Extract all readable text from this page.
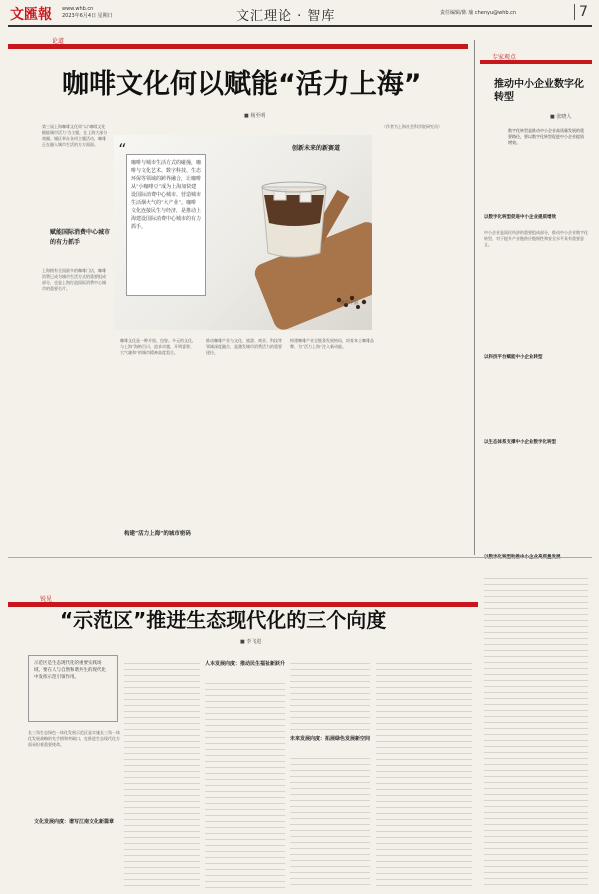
文匯報 www.whb.cn
2023年6月4日 星期日	文汇理论 · 智库	责任编辑/陈 瑜 chenyu@whb.cn	7
论道
咖啡文化何以赋能“活力上海”
■ 杨至明
第三届上海咖啡文化周“以‘咖啡文化赋能城市活力’为主题，在上海大部分商圈、城区举办各项主题活动，咖啡正在融入城市生活的方方面面。
赋能国际消费中心城市的有力抓手
上海拥有全国最多的咖啡门店，咖啡消费已成为城市生活方式的重要组成部分，也是上海打造国际消费中心城市的重要名片。
“
咖啡与城市生活方式的碰撞，咖啡与文化艺术、数字科技、生态环保等领域的跨界融合，让咖啡从“小咖啡豆”成为上海加快建设国际消费中心城市、营造城市生活烟火气的“大产业”。咖啡文化连接民生与经济，是推动上海建设国际消费中心城市的有力抓手。
创新未来的新赛道
视觉中国
咖啡文化是一种开放、包容、多元的文化，与上海“海纳百川、追求卓越、开明睿智、大气谦和”的城市精神高度契合。
构建“活力上海”的城市密码
推动咖啡产业与文化、旅游、商业、科技等领域深度融合，是激发城市消费活力的重要途径。
构建咖啡产业全链条发展格局，培育本土咖啡品牌，为“活力上海”注入新动能。
（作者为上海社会科学院研究员）
专家观点
推动中小企业数字化转型
■ 张晓人
数字化转型是推动中小企业高质量发展的重要路径，要以数字化转型促进中小企业提质增效。
以数字化转型促进中小企业提质增效
中小企业是国民经济的重要组成部分，推动中小企业数字化转型，对于提升产业链供应链韧性和安全水平具有重要意义。
以科技平台赋能中小企业转型
以生态体系支撑中小企业数字化转型
锐见
“示范区”推进生态现代化的三个向度
■ 李飞进
示范区是生态现代化的重要实践场域，要在人与自然和谐共生的现代化中发挥示范引领作用。
长三角生态绿色一体化发展示范区是实施长三角一体化发展战略的先手棋和突破口，在推进生态现代化方面承担着重要使命。
文化发展向度：谱写江南文化新篇章
人本发展向度：推动民生福祉新跃升
未来发展向度：拓展绿色发展新空间
